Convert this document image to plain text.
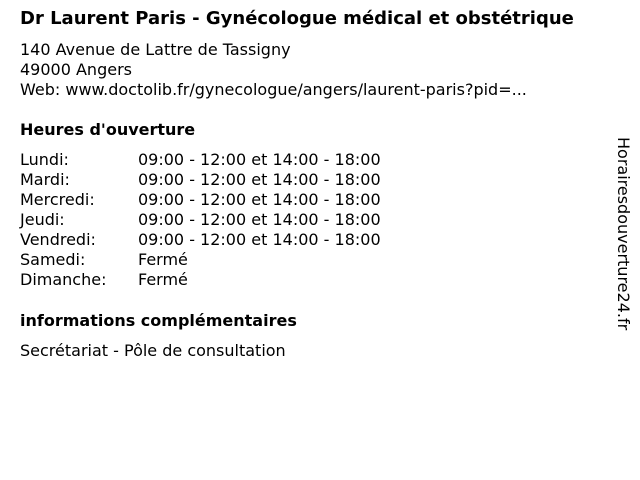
Dr Laurent Paris - Gynécologue médical et obstétrique
140 Avenue de Lattre de Tassigny
49000 Angers
Web: www.doctolib.fr/gynecologue/angers/laurent-paris?pid=...
Heures d'ouverture
Lundi:	09:00 - 12:00 et 14:00 - 18:00
Mardi:	09:00 - 12:00 et 14:00 - 18:00
Mercredi:	09:00 - 12:00 et 14:00 - 18:00
Jeudi:	09:00 - 12:00 et 14:00 - 18:00
Vendredi:	09:00 - 12:00 et 14:00 - 18:00
Samedi:	Fermé
Dimanche:	Fermé
informations complémentaires
Secrétariat - Pôle de consultation
Horairesdouverture24.fr
